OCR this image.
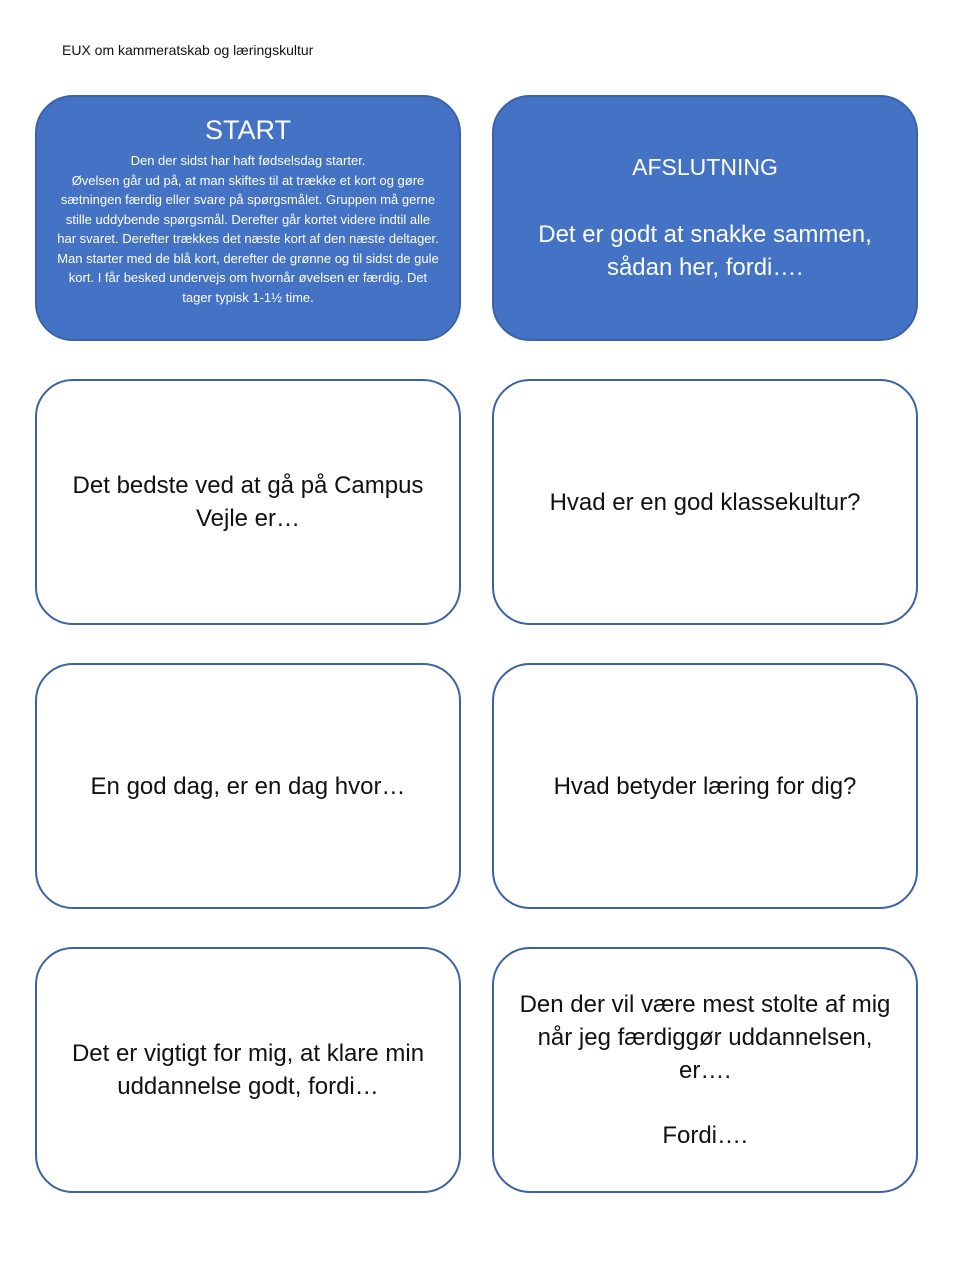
EUX om kammeratskab og læringskultur
START
Den der sidst har haft fødselsdag starter.
Øvelsen går ud på, at man skiftes til at trække et kort og gøre sætningen færdig eller svare på spørgsmålet. Gruppen må gerne stille uddybende spørgsmål. Derefter går kortet videre indtil alle har svaret. Derefter trækkes det næste kort af den næste deltager.
Man starter med de blå kort, derefter de grønne og til sidst de gule kort. I får besked undervejs om hvornår øvelsen er færdig. Det tager typisk 1-1½ time.
AFSLUTNING
Det er godt at snakke sammen, sådan her, fordi….
Det bedste ved at gå på Campus Vejle er…
Hvad er en god klassekultur?
En god dag, er en dag hvor…	Hvad betyder læring for dig?
Det er vigtigt for mig, at klare min uddannelse godt, fordi…
Den der vil være mest stolte af mig når jeg færdiggør uddannelsen, er….
Fordi….
